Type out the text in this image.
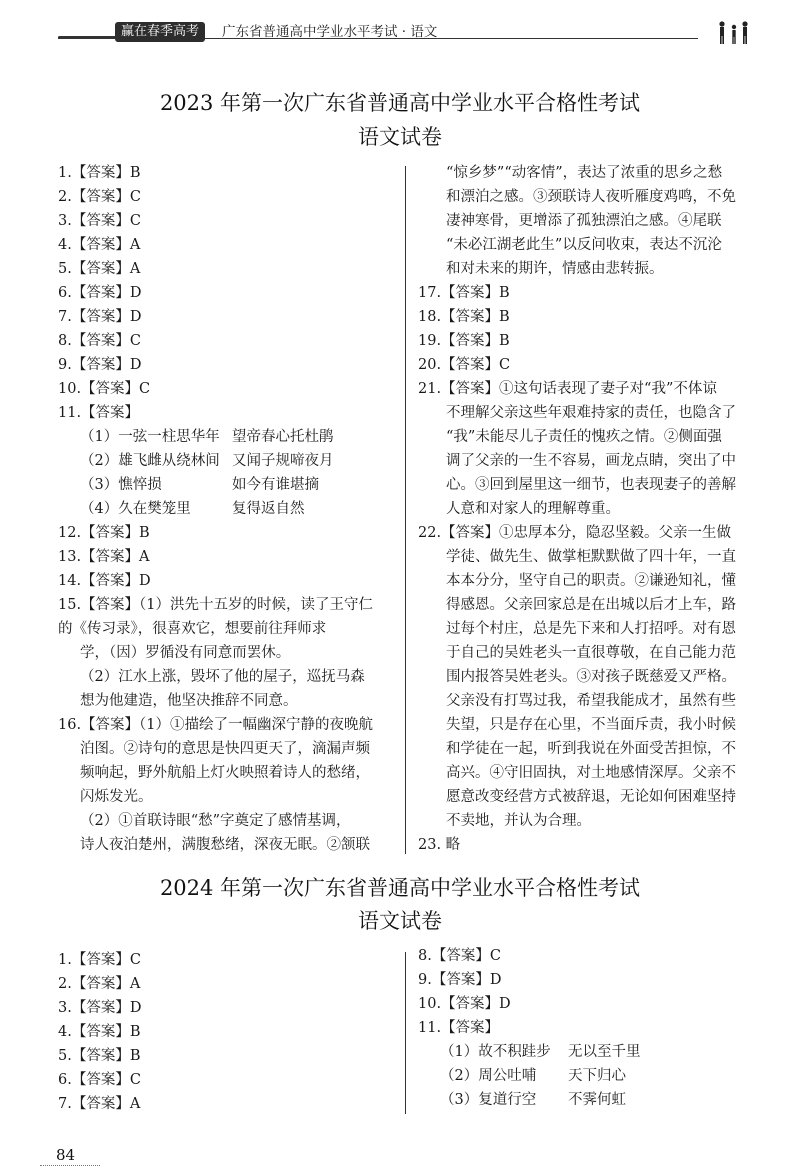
赢在春季高考	广东省普通高中学业水平考试 · 语文
2023 年第一次广东省普通高中学业水平合格性考试
语文试卷
1.【答案】B
2.【答案】C
3.【答案】C
4.【答案】A
5.【答案】A
6.【答案】D
7.【答案】D
8.【答案】C
9.【答案】D
10.【答案】C
11.【答案】
（1）一弦一柱思华年 望帝春心托杜鹃
（2）雄飞雌从绕林间 又闻子规啼夜月
（3）憔悴损	如今有谁堪摘
（4）久在樊笼里	复得返自然
12.【答案】B
13.【答案】A
14.【答案】D
15.【答案】（1）洪先十五岁的时候，读了王守仁
的《传习录》，很喜欢它，想要前往拜师求
学，（因）罗循没有同意而罢休。
（2）江水上涨，毁坏了他的屋子，巡抚马森
想为他建造，他坚决推辞不同意。
16.【答案】（1）①描绘了一幅幽深宁静的夜晚航
泊图。②诗句的意思是快四更天了，滴漏声频
频响起，野外航船上灯火映照着诗人的愁绪，
闪烁发光。
（2）①首联诗眼“愁”字奠定了感情基调，
诗人夜泊楚州，满腹愁绪，深夜无眠。②颔联
“惊乡梦”“动客情”，表达了浓重的思乡之愁
和漂泊之感。③颈联诗人夜听雁度鸡鸣，不免
凄神寒骨，更增添了孤独漂泊之感。④尾联
“未必江湖老此生”以反问收束，表达不沉沦
和对未来的期许，情感由悲转振。
17.【答案】B
18.【答案】B
19.【答案】B
20.【答案】C
21.【答案】①这句话表现了妻子对“我”不体谅
不理解父亲这些年艰难持家的责任，也隐含了
“我”未能尽儿子责任的愧疚之情。②侧面强
调了父亲的一生不容易，画龙点睛，突出了中
心。③回到屋里这一细节，也表现妻子的善解
人意和对家人的理解尊重。
22.【答案】①忠厚本分，隐忍坚毅。父亲一生做
学徒、做先生、做掌柜默默做了四十年，一直
本本分分，坚守自己的职责。②谦逊知礼，懂
得感恩。父亲回家总是在出城以后才上车，路
过每个村庄，总是先下来和人打招呼。对有恩
于自己的吴姓老头一直很尊敬，在自己能力范
围内报答吴姓老头。③对孩子既慈爱又严格。
父亲没有打骂过我，希望我能成才，虽然有些
失望，只是存在心里，不当面斥责，我小时候
和学徒在一起，听到我说在外面受苦担惊，不
高兴。④守旧固执，对土地感情深厚。父亲不
愿意改变经营方式被辞退，无论如何困难坚持
不卖地，并认为合理。
23. 略
2024 年第一次广东省普通高中学业水平合格性考试
语文试卷
1.【答案】C
2.【答案】A
3.【答案】D
4.【答案】B
5.【答案】B
6.【答案】C
7.【答案】A
8.【答案】C
9.【答案】D
10.【答案】D
11.【答案】
（1）故不积跬步	无以至千里
（2）周公吐哺	天下归心
（3）复道行空	不霁何虹
84
